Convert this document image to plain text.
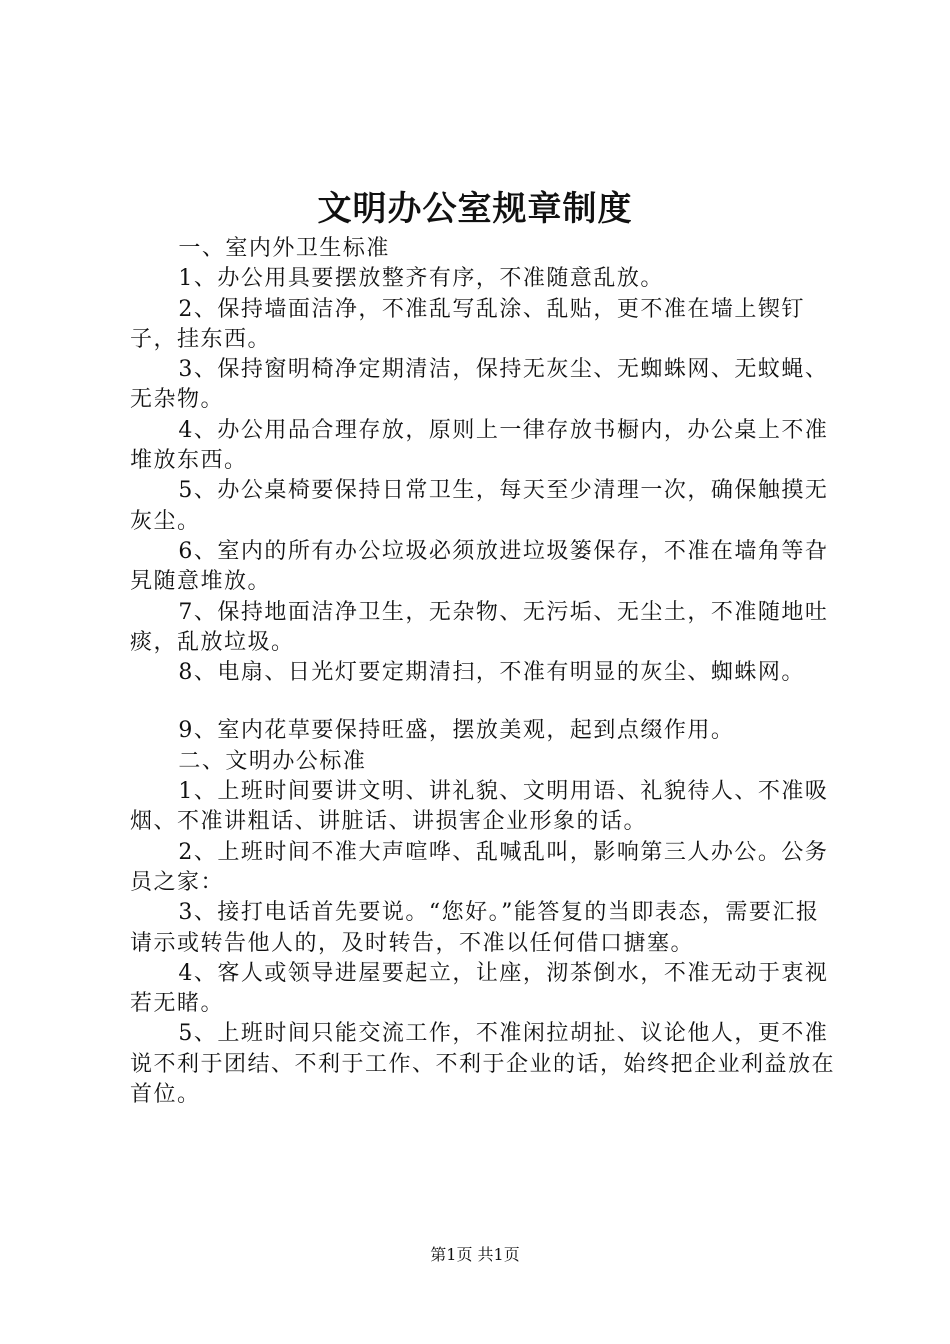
文明办公室规章制度

一、室内外卫生标准

1、办公用具要摆放整齐有序，不准随意乱放。

2、保持墙面洁净，不准乱写乱涂、乱贴，更不准在墙上锲钉子，挂东西。

3、保持窗明椅净定期清洁，保持无灰尘、无蜘蛛网、无蚊蝇、无杂物。

4、办公用品合理存放，原则上一律存放书橱内，办公桌上不准堆放东西。

5、办公桌椅要保持日常卫生，每天至少清理一次，确保触摸无灰尘。

6、室内的所有办公垃圾必须放进垃圾篓保存，不准在墙角等旮旯随意堆放。

7、保持地面洁净卫生，无杂物、无污垢、无尘土，不准随地吐痰，乱放垃圾。

8、电扇、日光灯要定期清扫，不准有明显的灰尘、蜘蛛网。

9、室内花草要保持旺盛，摆放美观，起到点缀作用。

二、文明办公标准

1、上班时间要讲文明、讲礼貌、文明用语、礼貌待人、不准吸烟、不准讲粗话、讲脏话、讲损害企业形象的话。

2、上班时间不准大声喧哗、乱喊乱叫，影响第三人办公。公务员之家：

3、接打电话首先要说。“您好。”能答复的当即表态，需要汇报请示或转告他人的，及时转告，不准以任何借口搪塞。

4、客人或领导进屋要起立，让座，沏茶倒水，不准无动于衷视若无睹。

5、上班时间只能交流工作，不准闲拉胡扯、议论他人，更不准说不利于团结、不利于工作、不利于企业的话，始终把企业利益放在首位。

第1页 共1页
